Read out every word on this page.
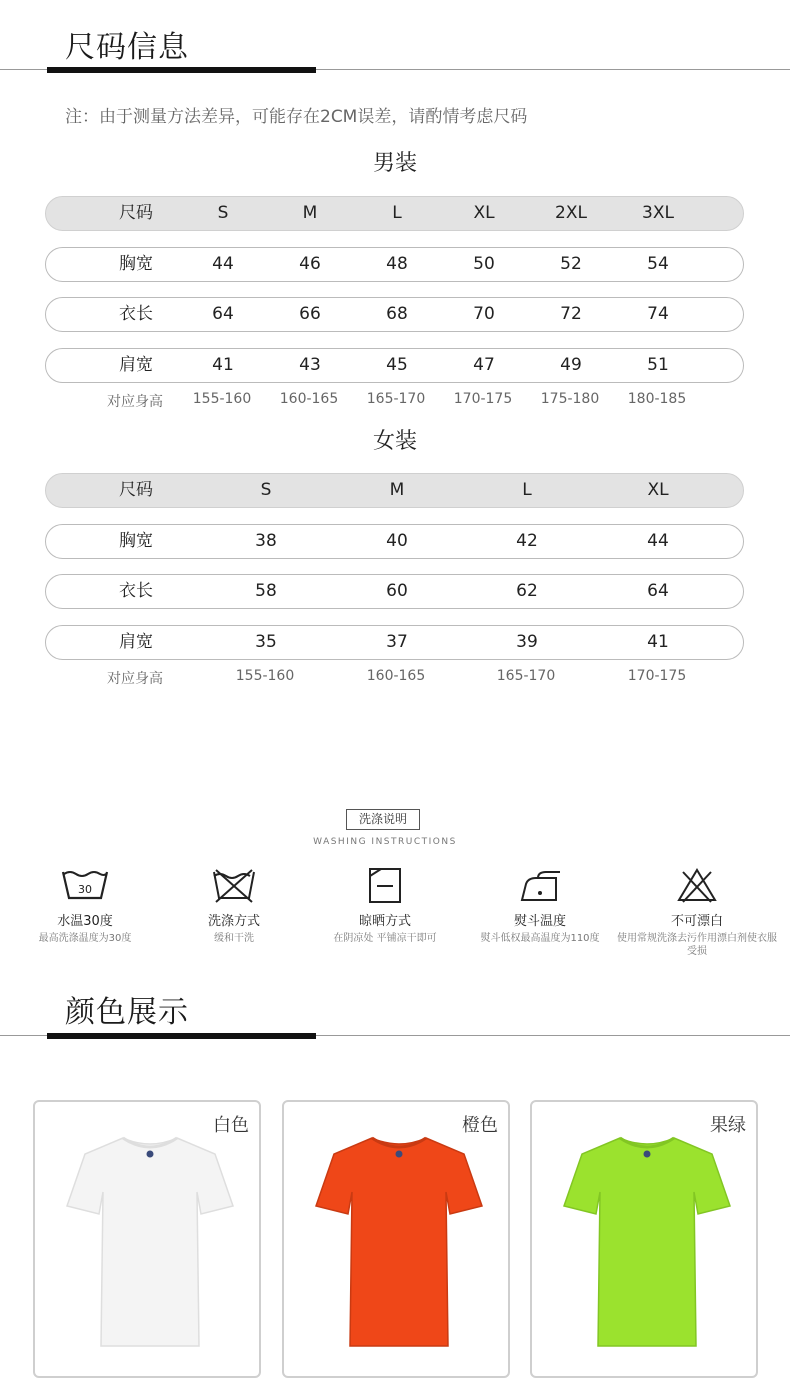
尺码信息
注：由于测量方法差异，可能存在2CM误差，请酌情考虑尺码
男装
尺码	S	M	L	XL	2XL	3XL
胸宽	44	46	48	50	52	54
衣长	64	66	68	70	72	74
肩宽	41	43	45	47	49	51
对应身高 155-160 160-165 165-170 170-175 175-180 180-185
女装
尺码	S	M	L	XL
胸宽	38	40	42	44
衣长	58	60	62	64
肩宽	35	37	39	41
对应身高	155-160	160-165	165-170	170-175
洗涤说明
WASHING INSTRUCTIONS
30
水温30度
最高洗涤温度为30度
洗涤方式
缓和干洗
晾晒方式
在阴凉处 平铺凉干即可
熨斗温度
熨斗低权最高温度为110度
不可漂白
使用常规洗涤去污作用漂白剂使衣服受损
颜色展示
白色	橙色	果绿
